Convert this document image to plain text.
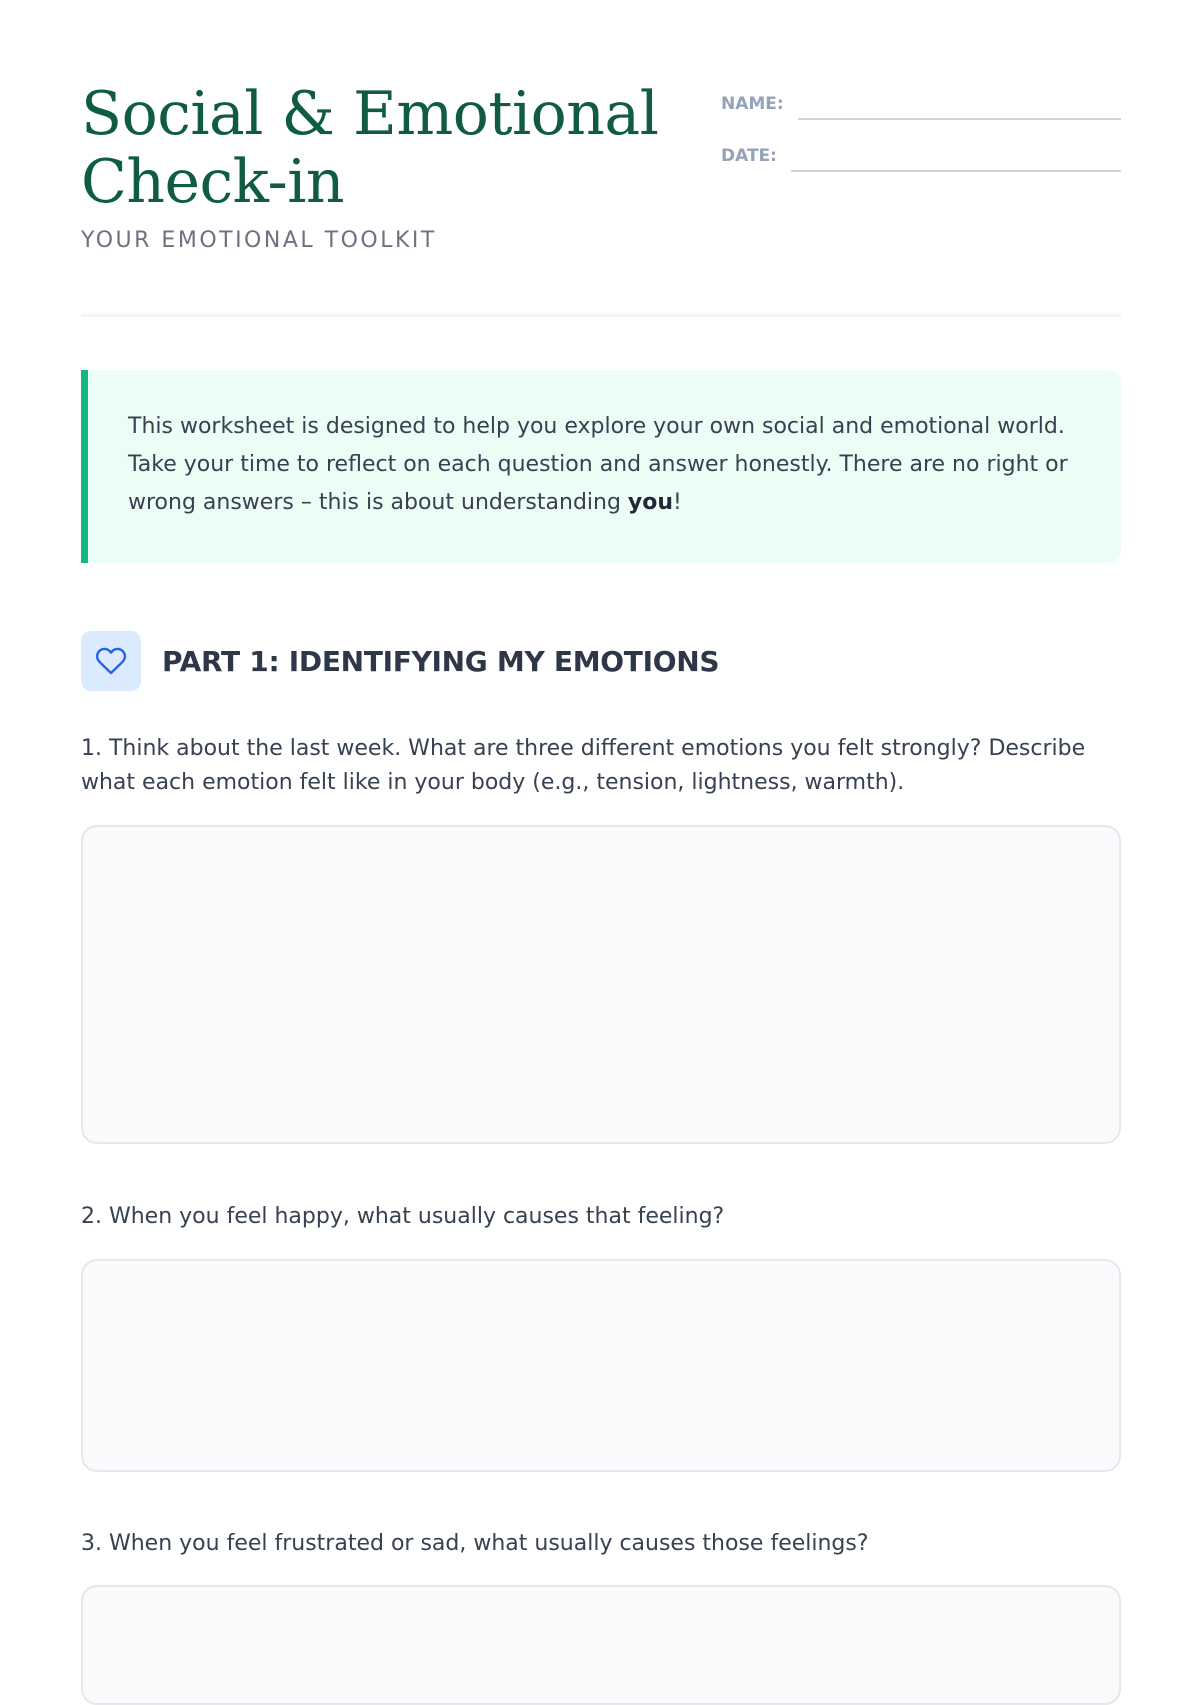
Social & Emotional
Check-in
YOUR EMOTIONAL TOOLKIT
NAME:
DATE:
This worksheet is designed to help you explore your own social and emotional world. Take your time to reflect on each question and answer honestly. There are no right or wrong answers – this is about understanding you!
PART 1: IDENTIFYING MY EMOTIONS

1. Think about the last week. What are three different emotions you felt strongly? Describe what each emotion felt like in your body (e.g., tension, lightness, warmth).

2. When you feel happy, what usually causes that feeling?

3. When you feel frustrated or sad, what usually causes those feelings?
